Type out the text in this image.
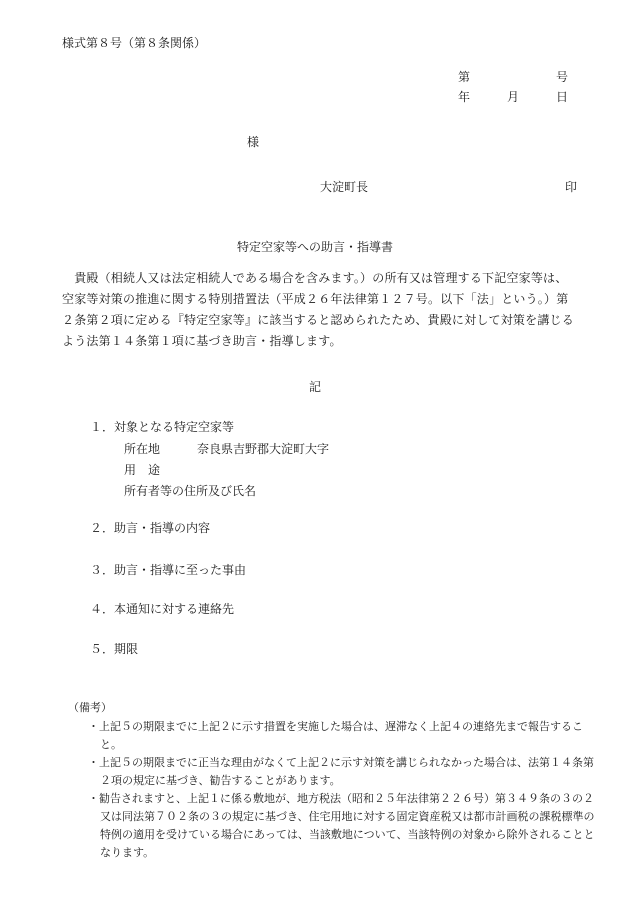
様式第８号（第８条関係）
第	号
年	月	日
様
大淀町長	印
特定空家等への助言・指導書

　貴殿（相続人又は法定相続人である場合を含みます。）の所有又は管理する下記空家等は、

空家等対策の推進に関する特別措置法（平成２６年法律第１２７号。以下「法」という。）第

２条第２項に定める『特定空家等』に該当すると認められたため、貴殿に対して対策を講じる

よう法第１４条第１項に基づき助言・指導します。

記
１．対象となる特定空家等
所在地	奈良県吉野郡大淀町大字
用　途
所有者等の住所及び氏名
２．助言・指導の内容
３．助言・指導に至った事由
４．本通知に対する連絡先
５．期限
（備考）
・上記５の期限までに上記２に示す措置を実施した場合は、遅滞なく上記４の連絡先まで報告すること。
・上記５の期限までに正当な理由がなくて上記２に示す対策を講じられなかった場合は、法第１４条第２項の規定に基づき、勧告することがあります。
・勧告されますと、上記１に係る敷地が、地方税法（昭和２５年法律第２２６号）第３４９条の３の２又は同法第７０２条の３の規定に基づき、住宅用地に対する固定資産税又は都市計画税の課税標準の特例の適用を受けている場合にあっては、当該敷地について、当該特例の対象から除外されることとなります。
